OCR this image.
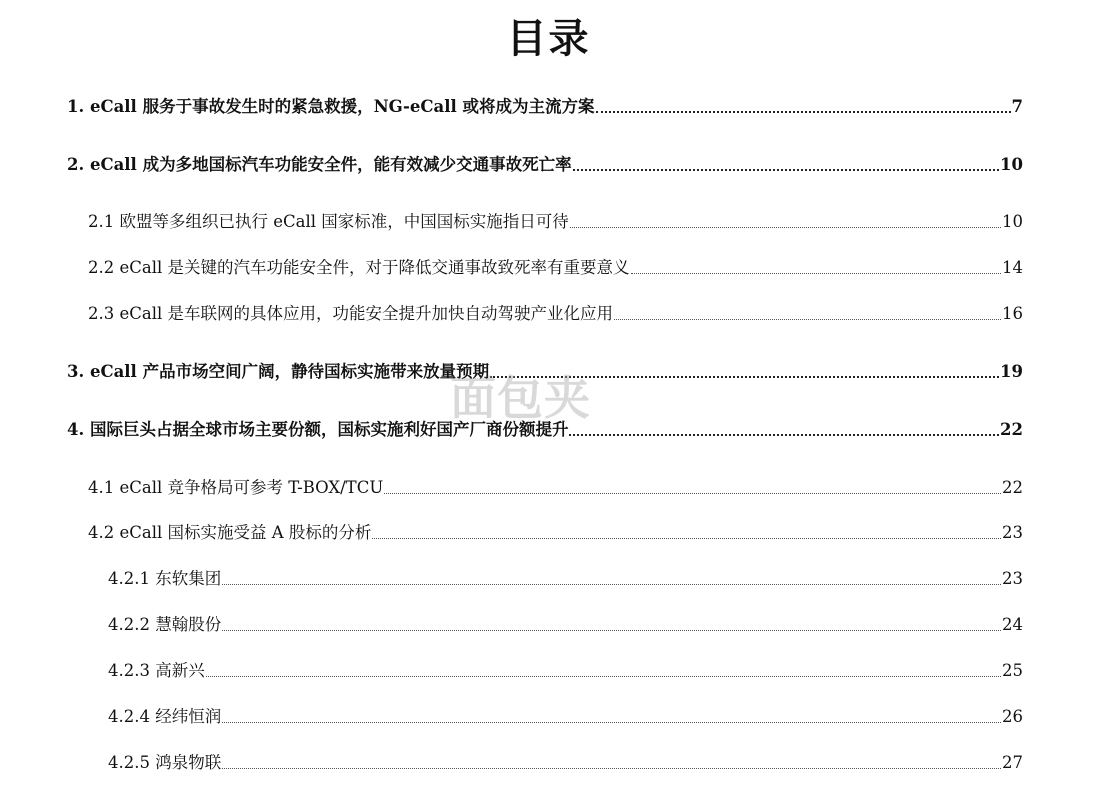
目录
1. eCall 服务于事故发生时的紧急救援，NG-eCall 或将成为主流方案	7
2. eCall 成为多地国标汽车功能安全件，能有效减少交通事故死亡率	10
2.1 欧盟等多组织已执行 eCall 国家标准，中国国标实施指日可待	10
2.2 eCall 是关键的汽车功能安全件，对于降低交通事故致死率有重要意义	14
2.3 eCall 是车联网的具体应用，功能安全提升加快自动驾驶产业化应用	16
3. eCall 产品市场空间广阔，静待国标实施带来放量预期	19
4. 国际巨头占据全球市场主要份额，国标实施利好国产厂商份额提升	22
4.1 eCall 竞争格局可参考 T-BOX/TCU	22
4.2 eCall 国标实施受益 A 股标的分析	23
4.2.1 东软集团	23
4.2.2 慧翰股份	24
4.2.3 高新兴	25
4.2.4 经纬恒润	26
4.2.5 鸿泉物联	27
面包夹
